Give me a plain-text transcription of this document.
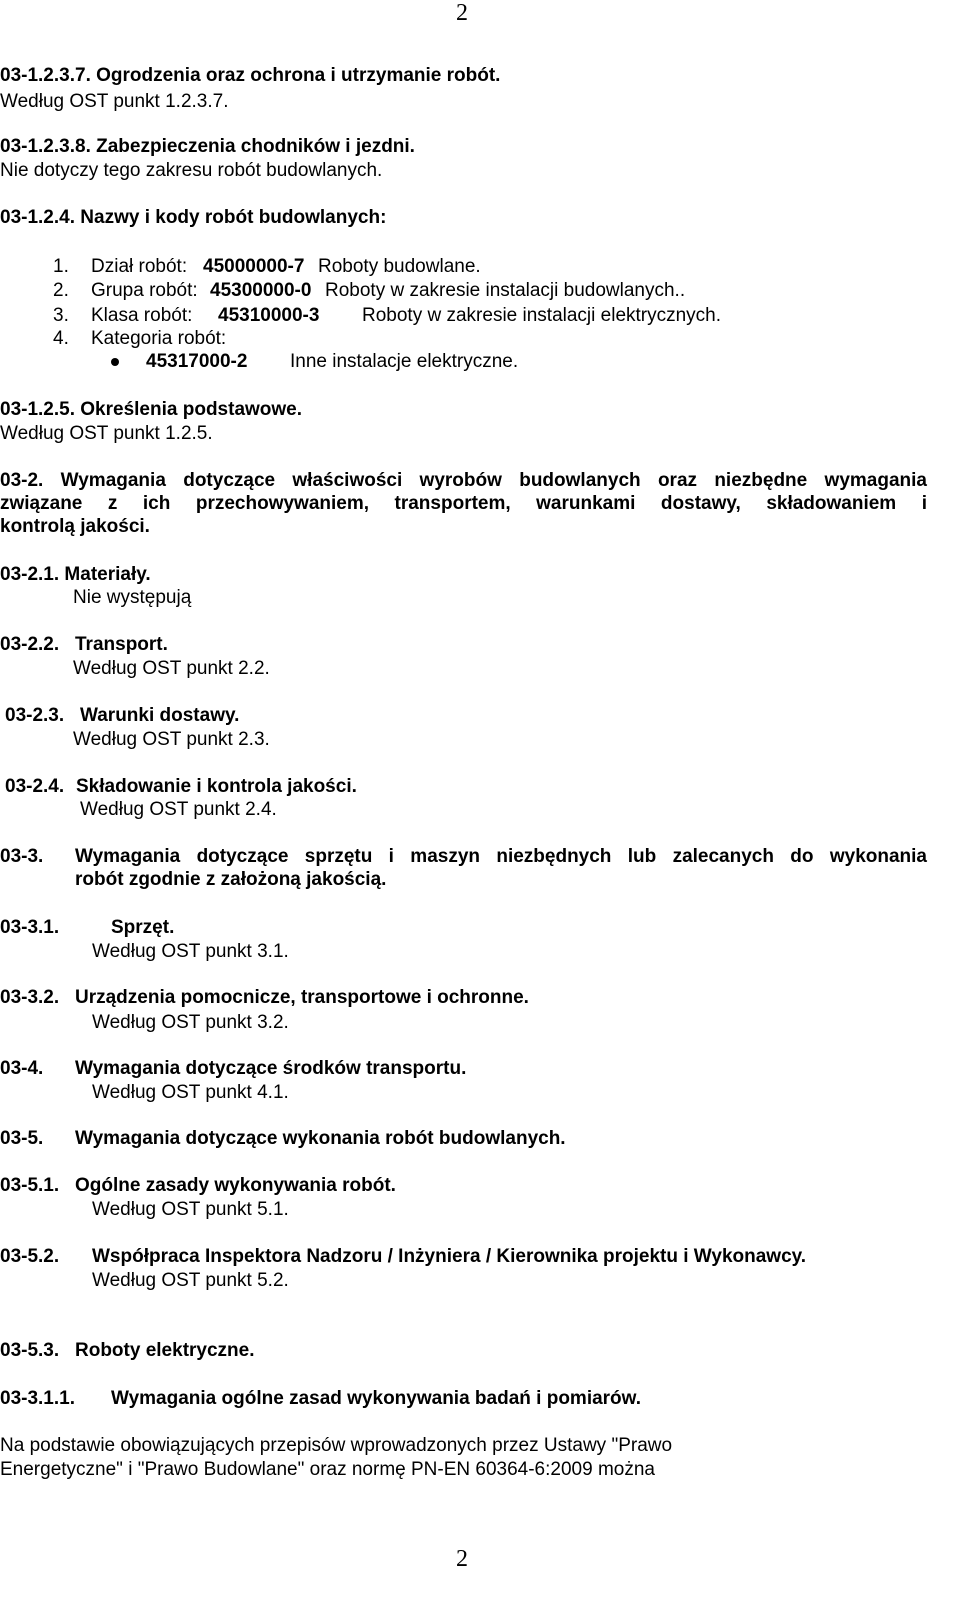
2
03-1.2.3.7. Ogrodzenia oraz ochrona i utrzymanie robót.
Według OST punkt 1.2.3.7.
03-1.2.3.8. Zabezpieczenia chodników i jezdni.
Nie dotyczy tego zakresu robót budowlanych.
03-1.2.4. Nazwy i kody robót budowlanych:
1. Dział robót: 45000000-7 Roboty budowlane.
2. Grupa robót: 45300000-0 Roboty w zakresie instalacji budowlanych..
3. Klasa robót: 45310000-3 Roboty w zakresie instalacji elektrycznych.
4. Kategoria robót:
45317000-2 Inne instalacje elektryczne.
03-1.2.5. Określenia podstawowe.
Według OST punkt 1.2.5.
03-2. Wymagania dotyczące właściwości wyrobów budowlanych oraz niezbędne wymagania
związane z ich przechowywaniem, transportem, warunkami dostawy, składowaniem i
kontrolą jakości.
03-2.1. Materiały.
Nie występują
03-2.2. Transport.
Według OST punkt 2.2.
03-2.3. Warunki dostawy.
Według OST punkt 2.3.
03-2.4. Składowanie i kontrola jakości.
Według OST punkt 2.4.
03-3. Wymagania dotyczące sprzętu i maszyn niezbędnych lub zalecanych do wykonania
robót zgodnie z założoną jakością.
03-3.1.	Sprzęt.
Według OST punkt 3.1.
03-3.2. Urządzenia pomocnicze, transportowe i ochronne.
Według OST punkt 3.2.
03-4. Wymagania dotyczące środków transportu.
Według OST punkt 4.1.
03-5. Wymagania dotyczące wykonania robót budowlanych.
03-5.1. Ogólne zasady wykonywania robót.
Według OST punkt 5.1.
03-5.2. Współpraca Inspektora Nadzoru / Inżyniera / Kierownika projektu i Wykonawcy.
Według OST punkt 5.2.
03-5.3. Roboty elektryczne.
03-3.1.1. Wymagania ogólne zasad wykonywania badań i pomiarów.
Na podstawie obowiązujących przepisów wprowadzonych przez Ustawy "Prawo
Energetyczne" i "Prawo Budowlane" oraz normę PN-EN 60364-6:2009 można
2
